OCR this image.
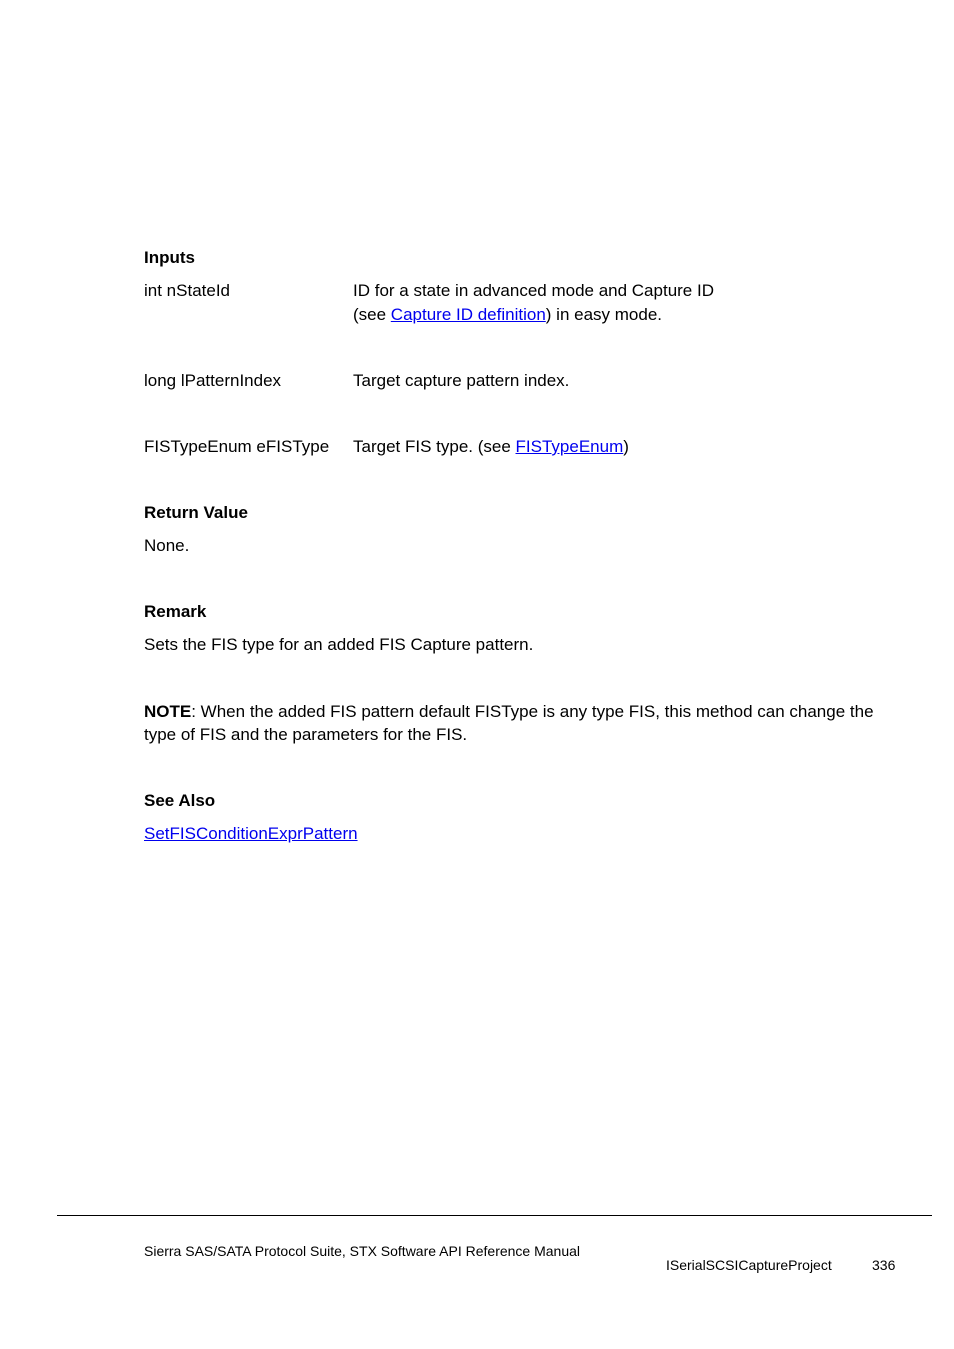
Inputs
int nStateId	ID for a state in advanced mode and Capture ID
(see Capture ID definition) in easy mode.
long lPatternIndex	Target capture pattern index.
FISTypeEnum eFISType Target FIS type. (see FISTypeEnum)
Return Value
None.
Remark
Sets the FIS type for an added FIS Capture pattern.
NOTE: When the added FIS pattern default FISType is any type FIS, this method can change the
type of FIS and the parameters for the FIS.
See Also
SetFISConditionExprPattern
Sierra SAS/SATA Protocol Suite, STX Software API Reference Manual
ISerialSCSICaptureProject	336
